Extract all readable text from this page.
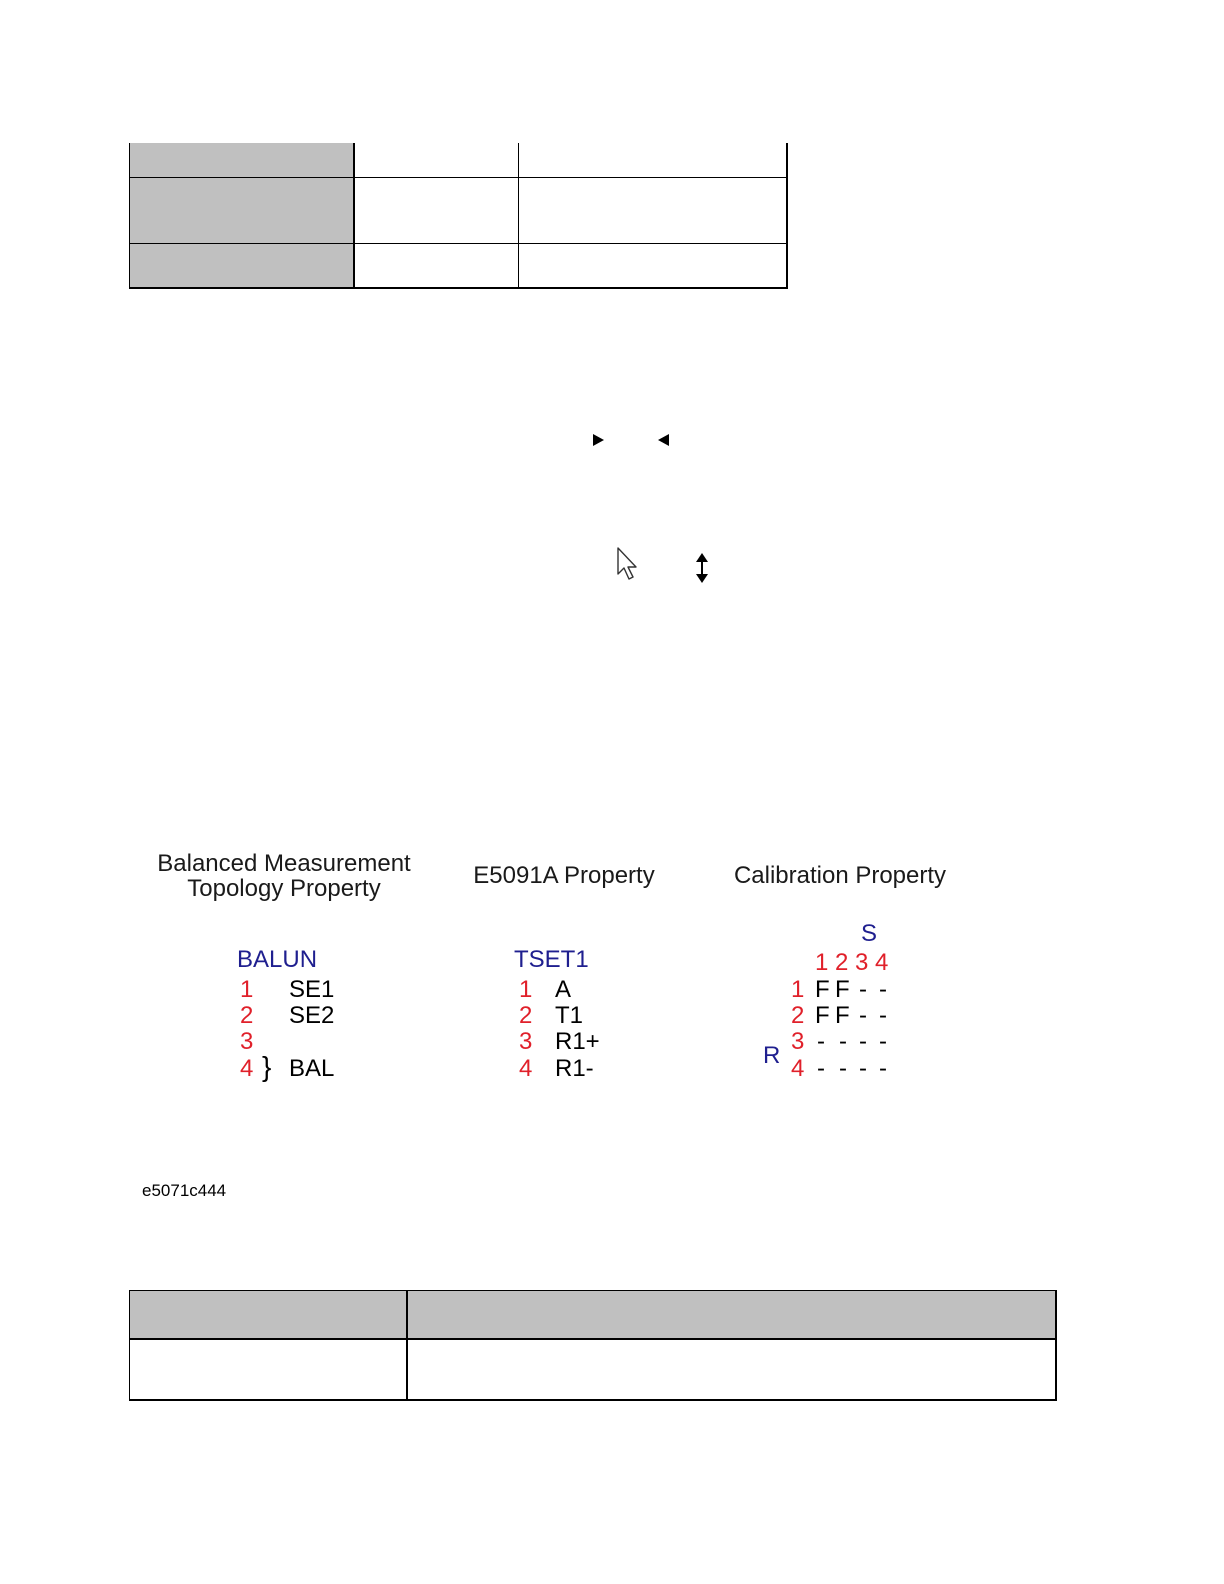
Balanced Measurement
Topology Property	E5091A Property	Calibration Property
BALUN
1 SE1
2 SE2
3
4 } BAL
TSET1
1 A
2 T1
3 R1+
4 R1-
S
1 2 3 4
R
1 F F - -
2 F F - -
3 - - - -
4 - - - -
e5071c444
